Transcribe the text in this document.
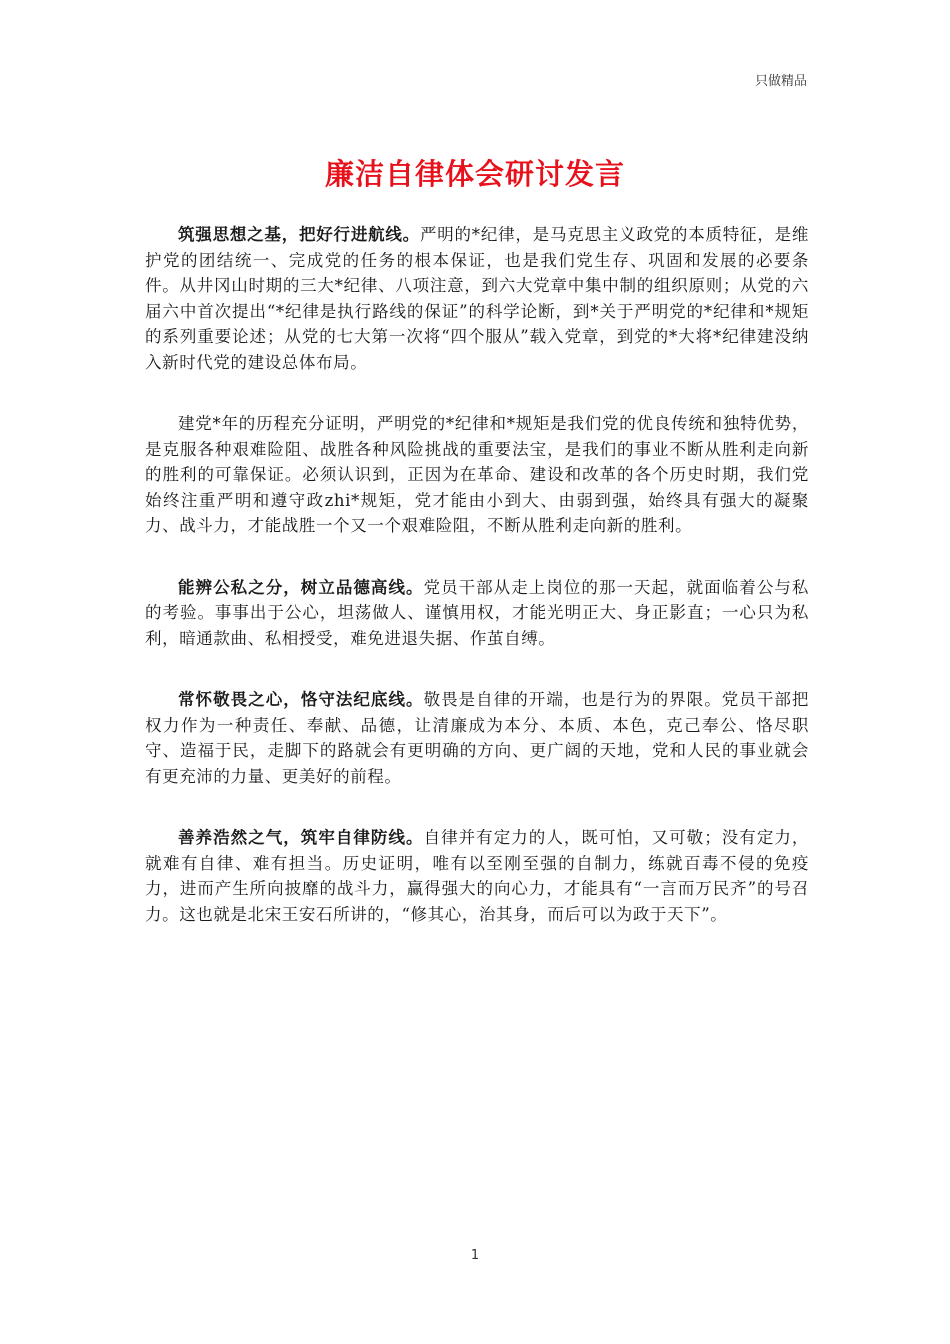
只做精品
廉洁自律体会研讨发言

筑强思想之基，把好行进航线。严明的*纪律，是马克思主义政党的本质特征，是维护党的团结统一、完成党的任务的根本保证，也是我们党生存、巩固和发展的必要条件。从井冈山时期的三大*纪律、八项注意，到六大党章中集中制的组织原则；从党的六届六中首次提出“*纪律是执行路线的保证”的科学论断，到*关于严明党的*纪律和*规矩的系列重要论述；从党的七大第一次将“四个服从”载入党章，到党的*大将*纪律建没纳入新时代党的建设总体布局。

建党*年的历程充分证明，严明党的*纪律和*规矩是我们党的优良传统和独特优势，是克服各种艰难险阻、战胜各种风险挑战的重要法宝，是我们的事业不断从胜利走向新的胜利的可靠保证。必须认识到，正因为在革命、建设和改革的各个历史时期，我们党始终注重严明和遵守政zhi*规矩，党才能由小到大、由弱到强，始终具有强大的凝聚力、战斗力，才能战胜一个又一个艰难险阻，不断从胜利走向新的胜利。

能辨公私之分，树立品德高线。党员干部从走上岗位的那一天起，就面临着公与私的考验。事事出于公心，坦荡做人、谨慎用权，才能光明正大、身正影直；一心只为私利，暗通款曲、私相授受，难免进退失据、作茧自缚。

常怀敬畏之心，恪守法纪底线。敬畏是自律的开端，也是行为的界限。党员干部把权力作为一种责任、奉献、品德，让清廉成为本分、本质、本色，克己奉公、恪尽职守、造福于民，走脚下的路就会有更明确的方向、更广阔的天地，党和人民的事业就会有更充沛的力量、更美好的前程。

善养浩然之气，筑牢自律防线。自律并有定力的人，既可怕，又可敬；没有定力，就难有自律、难有担当。历史证明，唯有以至刚至强的自制力，练就百毒不侵的免疫力，进而产生所向披靡的战斗力，赢得强大的向心力，才能具有“一言而万民齐”的号召力。这也就是北宋王安石所讲的，“修其心，治其身，而后可以为政于天下”。

1
